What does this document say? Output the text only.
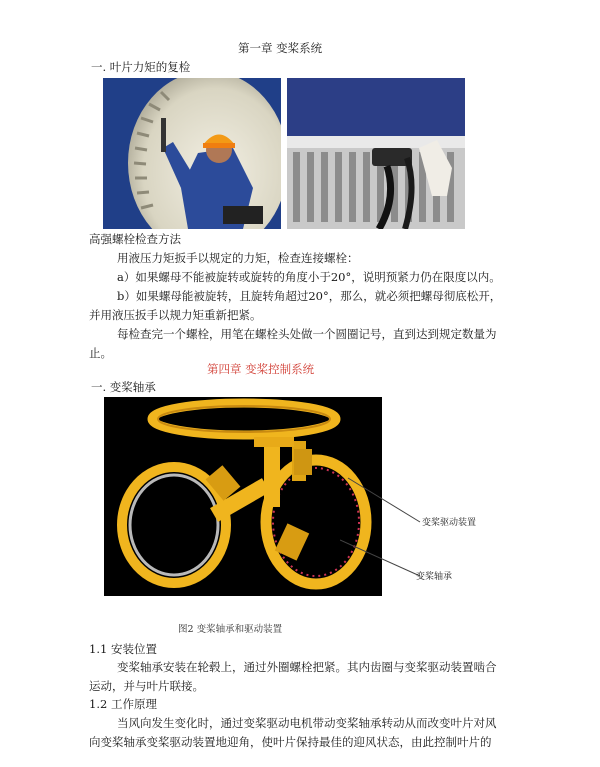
第一章 变桨系统
一. 叶片力矩的复检
高强螺栓检查方法
用液压力矩扳手以规定的力矩，检查连接螺栓：
a）如果螺母不能被旋转或旋转的角度小于20°，说明预紧力仍在限度以内。
b）如果螺母能被旋转，且旋转角超过20°，那么，就必须把螺母彻底松开，
并用液压扳手以规力矩重新把紧。
每检查完一个螺栓，用笔在螺栓头处做一个圆圈记号，直到达到规定数量为
止。
第四章 变桨控制系统
一. 变桨轴承
变桨驱动装置
变桨轴承
图2 变桨轴承和驱动装置
1.1 安装位置
变桨轴承安装在轮毂上，通过外圈螺栓把紧。其内齿圈与变桨驱动装置啮合
运动，并与叶片联接。
1.2 工作原理
当风向发生变化时，通过变桨驱动电机带动变桨轴承转动从而改变叶片对风
向变桨轴承变桨驱动装置地迎角，使叶片保持最佳的迎风状态，由此控制叶片的
